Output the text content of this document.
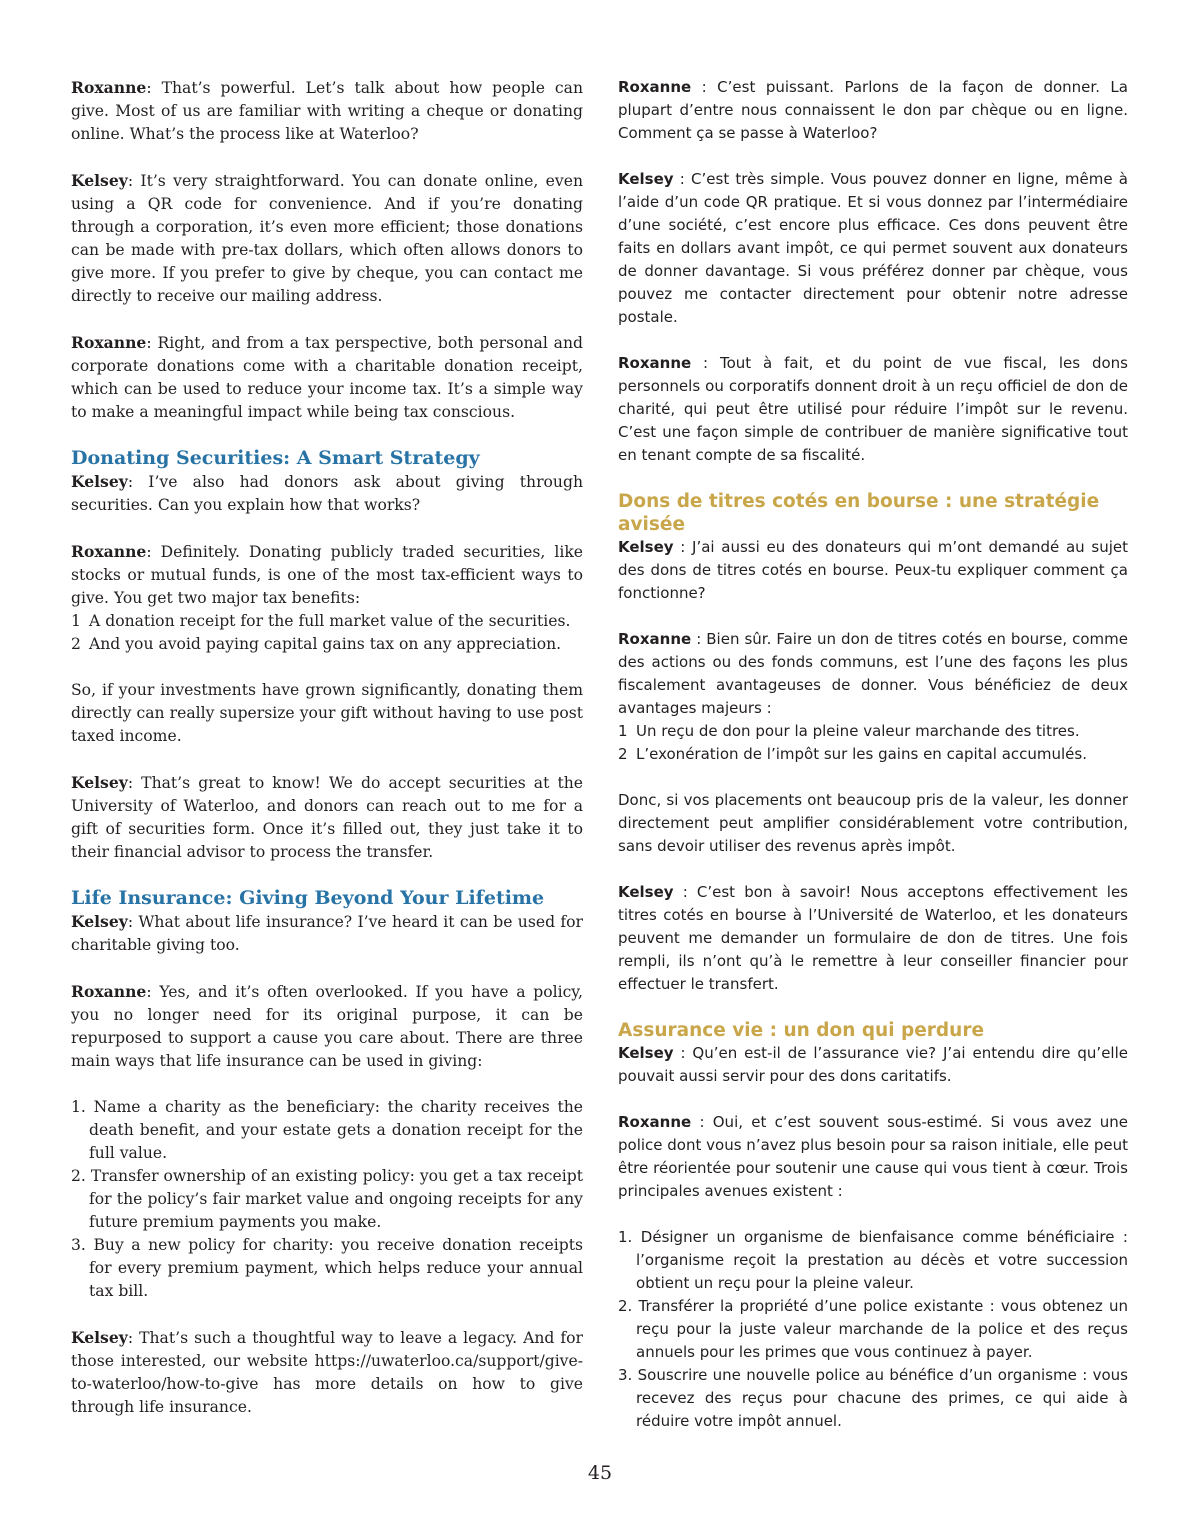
Roxanne: That’s powerful. Let’s talk about how people can give. Most of us are familiar with writing a cheque or donating online. What’s the process like at Waterloo?

Kelsey: It’s very straightforward. You can donate online, even using a QR code for convenience. And if you’re donating through a corporation, it’s even more efficient; those donations can be made with pre-tax dollars, which often allows donors to give more. If you prefer to give by cheque, you can contact me directly to receive our mailing address.

Roxanne: Right, and from a tax perspective, both personal and corporate donations come with a charitable donation receipt, which can be used to reduce your income tax. It’s a simple way to make a meaningful impact while being tax conscious.

Donating Securities: A Smart Strategy

Kelsey: I’ve also had donors ask about giving through securities. Can you explain how that works?

Roxanne: Definitely. Donating publicly traded securities, like stocks or mutual funds, is one of the most tax-efficient ways to give. You get two major tax benefits:

1 A donation receipt for the full market value of the securities.
2 And you avoid paying capital gains tax on any appreciation.

So, if your investments have grown significantly, donating them directly can really supersize your gift without having to use post taxed income.

Kelsey: That’s great to know! We do accept securities at the University of Waterloo, and donors can reach out to me for a gift of securities form. Once it’s filled out, they just take it to their financial advisor to process the transfer.

Life Insurance: Giving Beyond Your Lifetime

Kelsey: What about life insurance? I’ve heard it can be used for charitable giving too.

Roxanne: Yes, and it’s often overlooked. If you have a policy, you no longer need for its original purpose, it can be repurposed to support a cause you care about. There are three main ways that life insurance can be used in giving:

1. Name a charity as the beneficiary: the charity receives the death benefit, and your estate gets a donation receipt for the full value.
2. Transfer ownership of an existing policy: you get a tax receipt for the policy’s fair market value and ongoing receipts for any future premium payments you make.
3. Buy a new policy for charity: you receive donation receipts for every premium payment, which helps reduce your annual tax bill.

Kelsey: That’s such a thoughtful way to leave a legacy. And for those interested, our website https://uwaterloo.ca/support/give-to-waterloo/how-to-give has more details on how to give through life insurance.

Roxanne : C’est puissant. Parlons de la façon de donner. La plupart d’entre nous connaissent le don par chèque ou en ligne. Comment ça se passe à Waterloo?

Kelsey : C’est très simple. Vous pouvez donner en ligne, même à l’aide d’un code QR pratique. Et si vous donnez par l’intermédiaire d’une société, c’est encore plus efficace. Ces dons peuvent être faits en dollars avant impôt, ce qui permet souvent aux donateurs de donner davantage. Si vous préférez donner par chèque, vous pouvez me contacter directement pour obtenir notre adresse postale.

Roxanne : Tout à fait, et du point de vue fiscal, les dons personnels ou corporatifs donnent droit à un reçu officiel de don de charité, qui peut être utilisé pour réduire l’impôt sur le revenu. C’est une façon simple de contribuer de manière significative tout en tenant compte de sa fiscalité.

Dons de titres cotés en bourse : une stratégie avisée

Kelsey : J’ai aussi eu des donateurs qui m’ont demandé au sujet des dons de titres cotés en bourse. Peux-tu expliquer comment ça fonctionne?

Roxanne : Bien sûr. Faire un don de titres cotés en bourse, comme des actions ou des fonds communs, est l’une des façons les plus fiscalement avantageuses de donner. Vous bénéficiez de deux avantages majeurs :

1 Un reçu de don pour la pleine valeur marchande des titres.
2 L’exonération de l’impôt sur les gains en capital accumulés.

Donc, si vos placements ont beaucoup pris de la valeur, les donner directement peut amplifier considérablement votre contribution, sans devoir utiliser des revenus après impôt.

Kelsey : C’est bon à savoir! Nous acceptons effectivement les titres cotés en bourse à l’Université de Waterloo, et les donateurs peuvent me demander un formulaire de don de titres. Une fois rempli, ils n’ont qu’à le remettre à leur conseiller financier pour effectuer le transfert.

Assurance vie : un don qui perdure

Kelsey : Qu’en est-il de l’assurance vie? J’ai entendu dire qu’elle pouvait aussi servir pour des dons caritatifs.

Roxanne : Oui, et c’est souvent sous-estimé. Si vous avez une police dont vous n’avez plus besoin pour sa raison initiale, elle peut être réorientée pour soutenir une cause qui vous tient à cœur. Trois principales avenues existent :

1. Désigner un organisme de bienfaisance comme bénéficiaire : l’organisme reçoit la prestation au décès et votre succession obtient un reçu pour la pleine valeur.
2. Transférer la propriété d’une police existante : vous obtenez un reçu pour la juste valeur marchande de la police et des reçus annuels pour les primes que vous continuez à payer.
3. Souscrire une nouvelle police au bénéfice d’un organisme : vous recevez des reçus pour chacune des primes, ce qui aide à réduire votre impôt annuel.
45
